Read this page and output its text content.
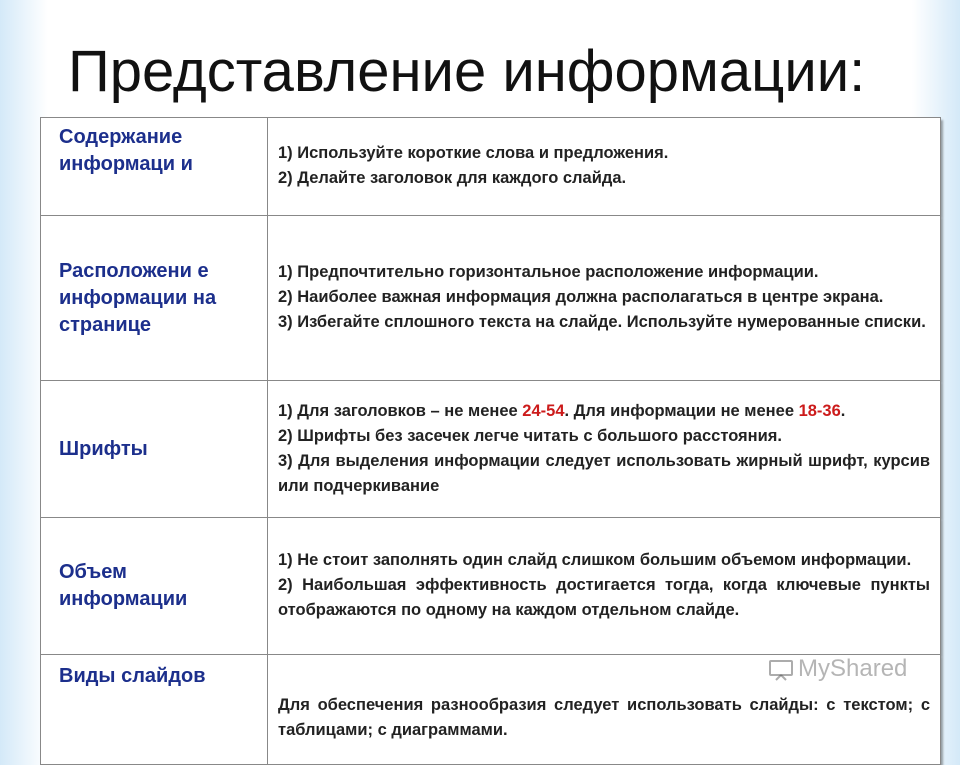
Представление информации:
Содержание информаци и	1) Используйте короткие слова и предложения.

2) Делайте заголовок для каждого слайда.

Расположени е информации на странице	1) Предпочтительно горизонтальное расположение информации.

2) Наиболее важная информация должна располагаться в центре экрана.

3) Избегайте сплошного текста на слайде. Используйте нумерованные списки.

Шрифты	1) Для заголовков – не менее 24-54. Для информации не менее 18-36.

2) Шрифты без засечек легче читать с большого расстояния.

3) Для выделения информации следует использовать жирный шрифт, курсив или подчеркивание

Объем информации	1) Не стоит заполнять один слайд слишком большим объемом информации.

2) Наибольшая эффективность достигается тогда, когда ключевые пункты отображаются по одному на каждом отдельном слайде.

Виды слайдов	Для обеспечения разнообразия следует использовать слайды: с текстом; с таблицами; с диаграммами.

MyShared
